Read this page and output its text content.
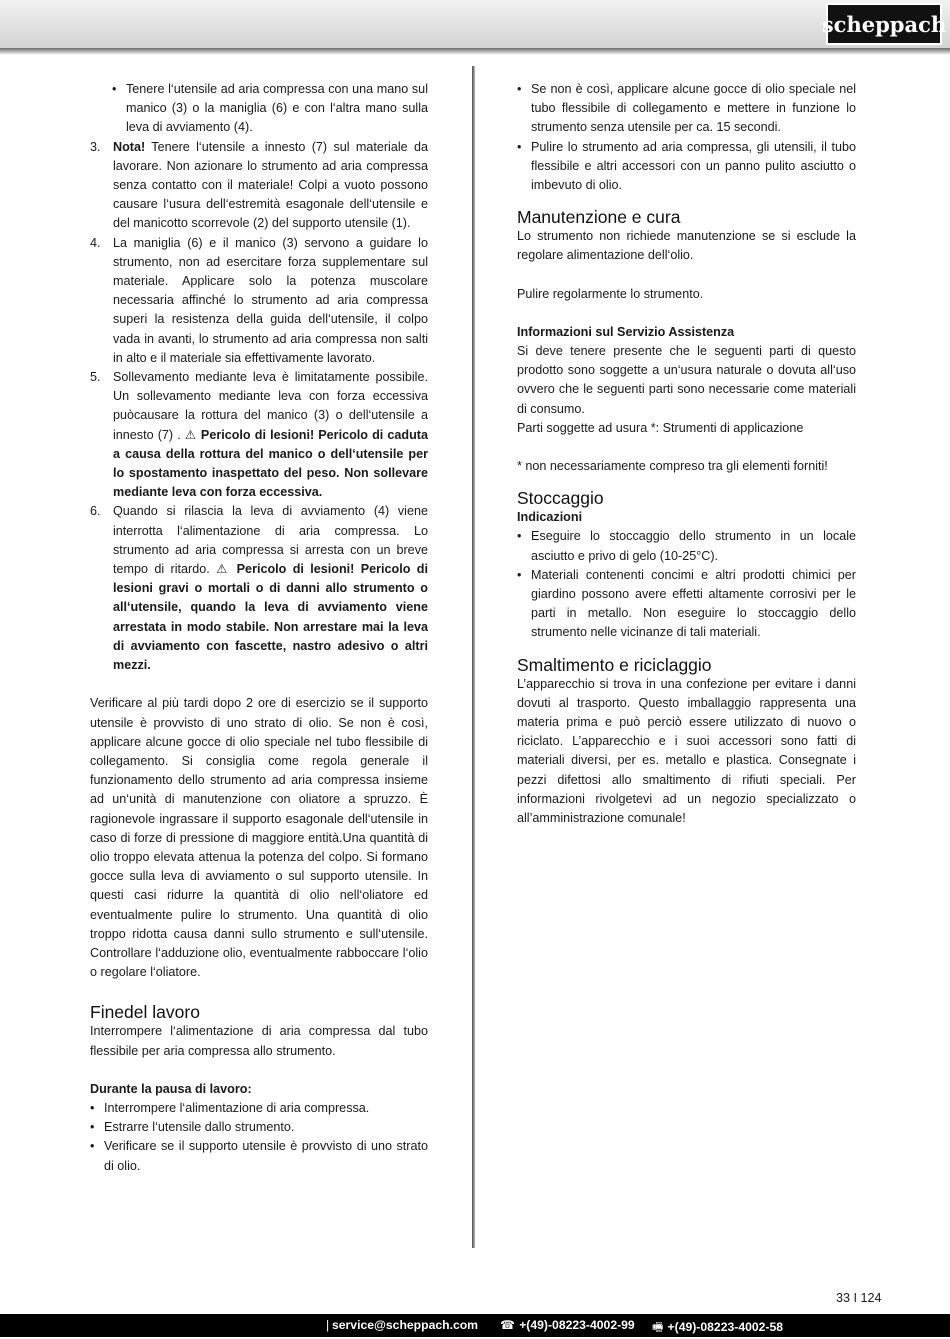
scheppach
• Tenere l‘utensile ad aria compressa con una mano sul manico (3) o la maniglia (6) e con l‘altra mano sulla leva di avviamento (4).
3. Nota! Tenere l‘utensile a innesto (7) sul materiale da lavorare. Non azionare lo strumento ad aria compressa senza contatto con il materiale! Colpi a vuoto possono causare l‘usura dell‘estremità esagonale dell‘utensile e del manicotto scorrevole (2) del supporto utensile (1).
4. La maniglia (6) e il manico (3) servono a guidare lo strumento, non ad esercitare forza supplementare sul materiale. Applicare solo la potenza muscolare necessaria affinché lo strumento ad aria compressa superi la resistenza della guida dell‘utensile, il colpo vada in avanti, lo strumento ad aria compressa non salti in alto e il materiale sia effettivamente lavorato.
5. Sollevamento mediante leva è limitatamente possibile. Un sollevamento mediante leva con forza eccessiva puòcausare la rottura del manico (3) o dell‘utensile a innesto (7) . ⚠ Pericolo di lesioni! Pericolo di caduta a causa della rottura del manico o dell‘utensile per lo spostamento inaspettato del peso. Non sollevare mediante leva con forza eccessiva.
6. Quando si rilascia la leva di avviamento (4) viene interrotta l‘alimentazione di aria compressa. Lo strumento ad aria compressa si arresta con un breve tempo di ritardo. ⚠ Pericolo di lesioni! Pericolo di lesioni gravi o mortali o di danni allo strumento o all‘utensile, quando la leva di avviamento viene arrestata in modo stabile. Non arrestare mai la leva di avviamento con fascette, nastro adesivo o altri mezzi.

Verificare al più tardi dopo 2 ore di esercizio se il supporto utensile è provvisto di uno strato di olio. Se non è così, applicare alcune gocce di olio speciale nel tubo flessibile di collegamento. Si consiglia come regola generale il funzionamento dello strumento ad aria compressa insieme ad un‘unità di manutenzione con oliatore a spruzzo. È ragionevole ingrassare il supporto esagonale dell‘utensile in caso di forze di pressione di maggiore entità.Una quantità di olio troppo elevata attenua la potenza del colpo. Si formano gocce sulla leva di avviamento o sul supporto utensile. In questi casi ridurre la quantità di olio nell‘oliatore ed eventualmente pulire lo strumento. Una quantità di olio troppo ridotta causa danni sullo strumento e sull‘utensile. Controllare l‘adduzione olio, eventualmente rabboccare l‘olio o regolare l‘oliatore.

Finedel lavoro

Interrompere l‘alimentazione di aria compressa dal tubo flessibile per aria compressa allo strumento.

Durante la pausa di lavoro:
• Interrompere l‘alimentazione di aria compressa.
• Estrarre l‘utensile dallo strumento.
• Verificare se il supporto utensile è provvisto di uno strato di olio.
• Se non è così, applicare alcune gocce di olio speciale nel tubo flessibile di collegamento e mettere in funzione lo strumento senza utensile per ca. 15 secondi.
• Pulire lo strumento ad aria compressa, gli utensili, il tubo flessibile e altri accessori con un panno pulito asciutto o imbevuto di olio.
Manutenzione e cura

Lo strumento non richiede manutenzione se si esclude la regolare alimentazione dell‘olio.

Pulire regolarmente lo strumento.

Informazioni sul Servizio Assistenza

Si deve tenere presente che le seguenti parti di questo prodotto sono soggette a un‘usura naturale o dovuta all‘uso ovvero che le seguenti parti sono necessarie come materiali di consumo.

Parti soggette ad usura *: Strumenti di applicazione

* non necessariamente compreso tra gli elementi forniti!

Stoccaggio
Indicazioni
• Eseguire lo stoccaggio dello strumento in un locale asciutto e privo di gelo (10-25°C).
• Materiali contenenti concimi e altri prodotti chimici per giardino possono avere effetti altamente corrosivi per le parti in metallo. Non eseguire lo stoccaggio dello strumento nelle vicinanze di tali materiali.
Smaltimento e riciclaggio

L’apparecchio si trova in una confezione per evitare i danni dovuti al trasporto. Questo imballaggio rappresenta una materia prima e può perciò essere utilizzato di nuovo o riciclato. L’apparecchio e i suoi accessori sono fatti di materiali diversi, per es. metallo e plastica. Consegnate i pezzi difettosi allo smaltimento di rifiuti speciali. Per informazioni rivolgetevi ad un negozio specializzato o all’amministrazione comunale!

33 I 124
| service@scheppach.com ☎ +(49)-08223-4002-99 🖷 +(49)-08223-4002-58
